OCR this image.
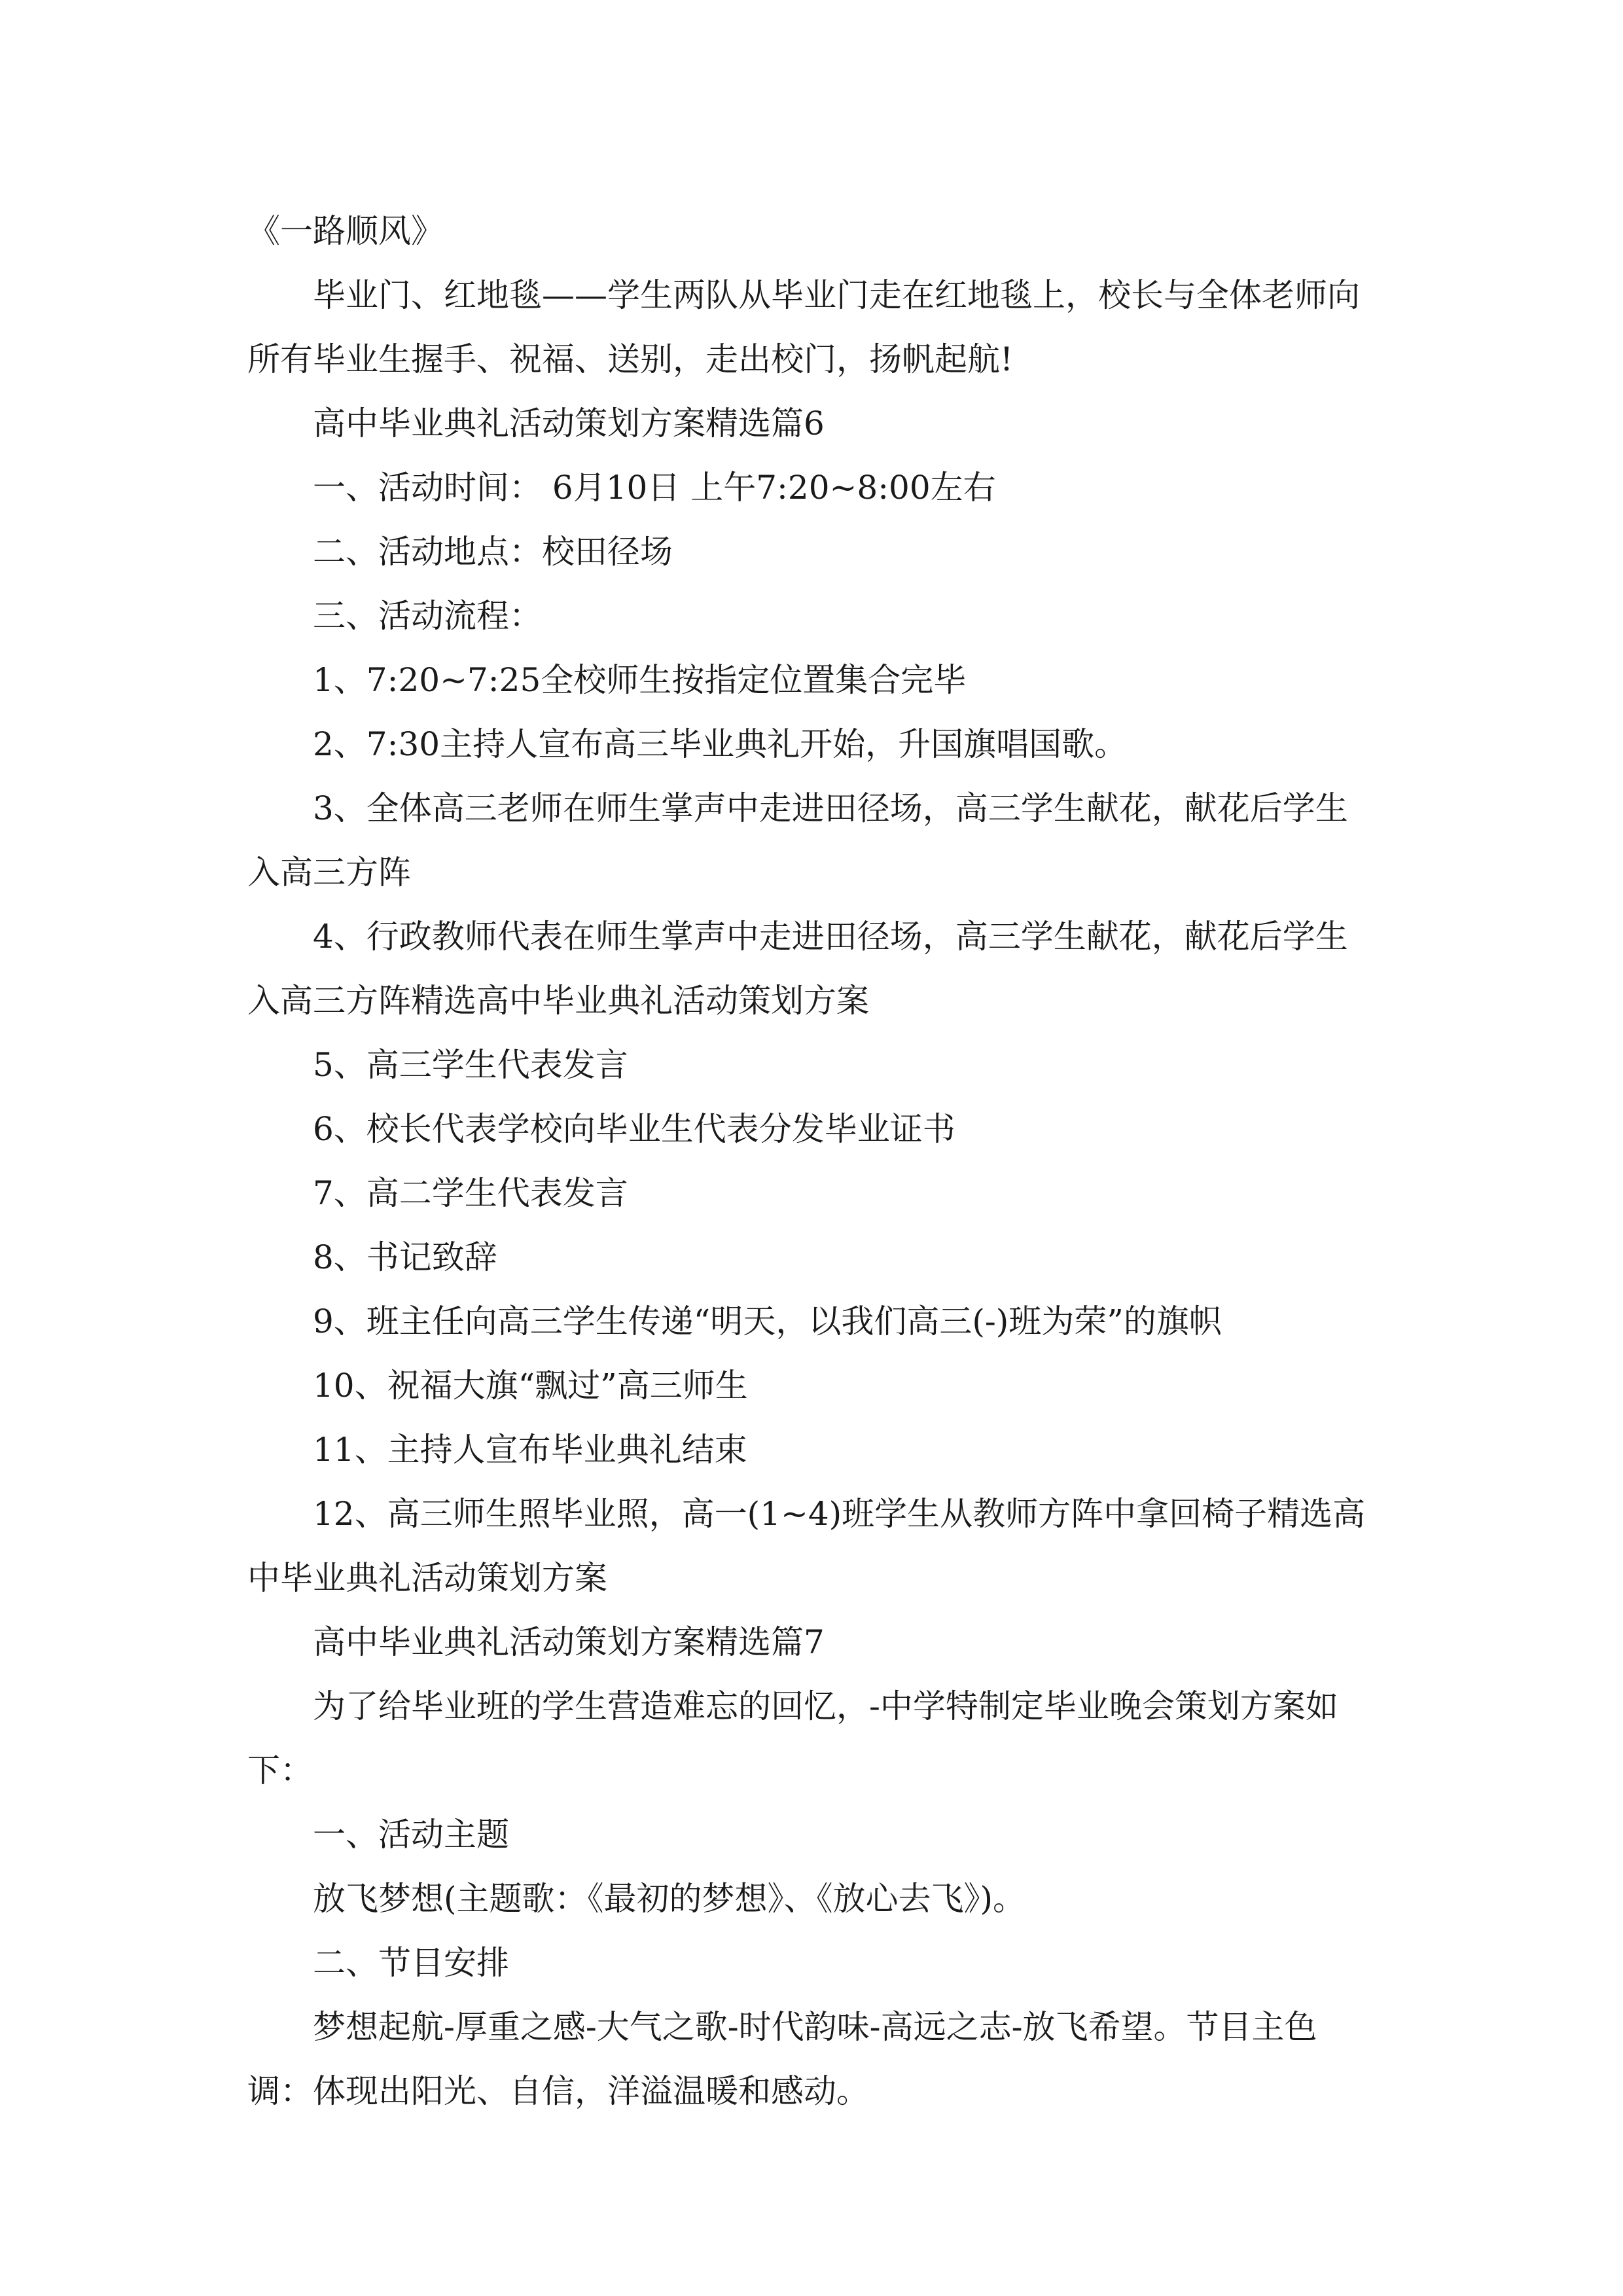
《一路顺风》

毕业门、红地毯——学生两队从毕业门走在红地毯上，校长与全体老师向所有毕业生握手、祝福、送别，走出校门，扬帆起航!

高中毕业典礼活动策划方案精选篇6

一、活动时间： 6月10日 上午7:20~8:00左右

二、活动地点：校田径场

三、活动流程：

1、7:20~7:25全校师生按指定位置集合完毕

2、7:30主持人宣布高三毕业典礼开始，升国旗唱国歌。

3、全体高三老师在师生掌声中走进田径场，高三学生献花，献花后学生入高三方阵

4、行政教师代表在师生掌声中走进田径场，高三学生献花，献花后学生入高三方阵精选高中毕业典礼活动策划方案

5、高三学生代表发言

6、校长代表学校向毕业生代表分发毕业证书

7、高二学生代表发言

8、书记致辞

9、班主任向高三学生传递“明天，以我们高三(-)班为荣”的旗帜

10、祝福大旗“飘过”高三师生

11、主持人宣布毕业典礼结束

12、高三师生照毕业照，高一(1~4)班学生从教师方阵中拿回椅子精选高中毕业典礼活动策划方案

高中毕业典礼活动策划方案精选篇7

为了给毕业班的学生营造难忘的回忆，-中学特制定毕业晚会策划方案如下：

一、活动主题

放飞梦想(主题歌：《最初的梦想》、《放心去飞》)。

二、节目安排

梦想起航-厚重之感-大气之歌-时代韵味-高远之志-放飞希望。节目主色调：体现出阳光、自信，洋溢温暖和感动。
